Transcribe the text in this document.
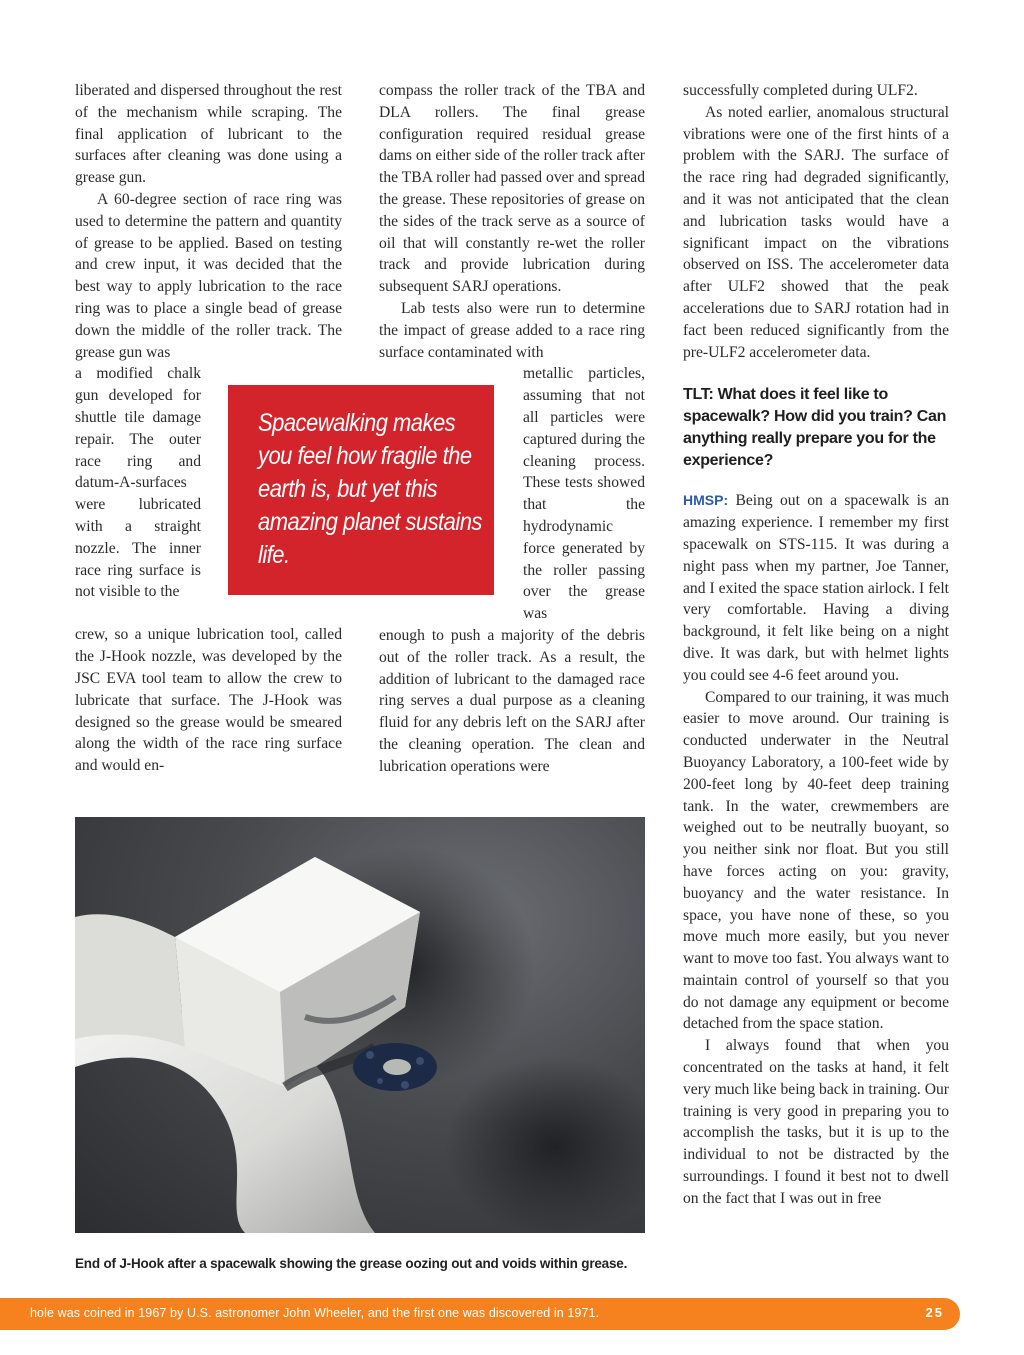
liberated and dispersed throughout the rest of the mechanism while scraping. The final application of lubricant to the surfaces after cleaning was done using a grease gun.

A 60-degree section of race ring was used to determine the pattern and quantity of grease to be applied. Based on testing and crew input, it was decided that the best way to apply lubrication to the race ring was to place a single bead of grease down the middle of the roller track. The grease gun was

a modified chalk gun developed for shuttle tile damage repair. The outer race ring and datum-A-surfaces were lubricated with a straight nozzle. The inner race ring surface is not visible to the

crew, so a unique lubrication tool, called the J-Hook nozzle, was developed by the JSC EVA tool team to allow the crew to lubricate that surface. The J-Hook was designed so the grease would be smeared along the width of the race ring surface and would en-

compass the roller track of the TBA and DLA rollers. The final grease configuration required residual grease dams on either side of the roller track after the TBA roller had passed over and spread the grease. These repositories of grease on the sides of the track serve as a source of oil that will constantly re-wet the roller track and provide lubrication during subsequent SARJ operations.

Lab tests also were run to determine the impact of grease added to a race ring surface contaminated with

metallic particles, assuming that not all particles were captured during the cleaning process. These tests showed that the hydrodynamic force generated by the roller passing over the grease was

enough to push a majority of the debris out of the roller track. As a result, the addition of lubricant to the damaged race ring serves a dual purpose as a cleaning fluid for any debris left on the SARJ after the cleaning operation. The clean and lubrication operations were

successfully completed during ULF2.

As noted earlier, anomalous structural vibrations were one of the first hints of a problem with the SARJ. The surface of the race ring had degraded significantly, and it was not anticipated that the clean and lubrication tasks would have a significant impact on the vibrations observed on ISS. The accelerometer data after ULF2 showed that the peak accelerations due to SARJ rotation had in fact been reduced significantly from the pre-ULF2 accelerometer data.

TLT: What does it feel like to spacewalk? How did you train? Can anything really prepare you for the experience?

HMSP: Being out on a spacewalk is an amazing experience. I remember my first spacewalk on STS-115. It was during a night pass when my partner, Joe Tanner, and I exited the space station airlock. I felt very comfortable. Having a diving background, it felt like being on a night dive. It was dark, but with helmet lights you could see 4-6 feet around you.

Compared to our training, it was much easier to move around. Our training is conducted underwater in the Neutral Buoyancy Laboratory, a 100-feet wide by 200-feet long by 40-feet deep training tank. In the water, crewmembers are weighed out to be neutrally buoyant, so you neither sink nor float. But you still have forces acting on you: gravity, buoyancy and the water resistance. In space, you have none of these, so you move much more easily, but you never want to move too fast. You always want to maintain control of yourself so that you do not damage any equipment or become detached from the space station.

I always found that when you concentrated on the tasks at hand, it felt very much like being back in training. Our training is very good in preparing you to accomplish the tasks, but it is up to the individual to not be distracted by the surroundings. I found it best not to dwell on the fact that I was out in free

Spacewalking makes you feel how fragile the earth is, but yet this amazing planet sustains life.
End of J-Hook after a spacewalk showing the grease oozing out and voids within grease.
hole was coined in 1967 by U.S. astronomer John Wheeler, and the first one was discovered in 1971.	25
